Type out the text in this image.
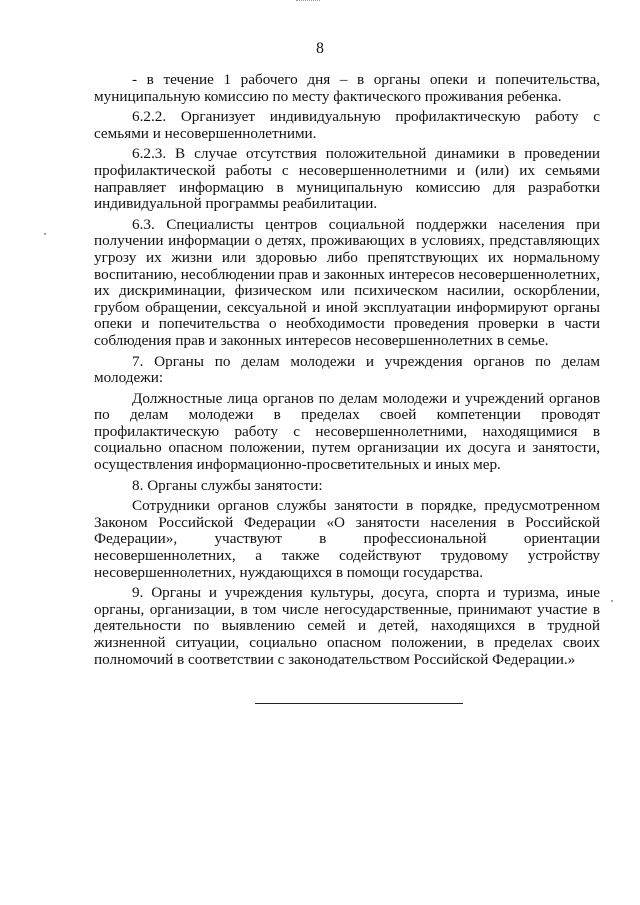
8

- в течение 1 рабочего дня – в органы опеки и попечительства, муниципальную комиссию по месту фактического проживания ребенка.

6.2.2. Организует индивидуальную профилактическую работу с семьями и несовершеннолетними.

6.2.3. В случае отсутствия положительной динамики в проведении профилактической работы с несовершеннолетними и (или) их семьями направляет информацию в муниципальную комиссию для разработки индивидуальной программы реабилитации.

6.3. Специалисты центров социальной поддержки населения при получении информации о детях, проживающих в условиях, представляющих угрозу их жизни или здоровью либо препятствующих их нормальному воспитанию, несоблюдении прав и законных интересов несовершеннолетних, их дискриминации, физическом или психическом насилии, оскорблении, грубом обращении, сексуальной и иной эксплуатации информируют органы опеки и попечительства о необходимости проведения проверки в части соблюдения прав и законных интересов несовершеннолетних в семье.

7. Органы по делам молодежи и учреждения органов по делам молодежи:

Должностные лица органов по делам молодежи и учреждений органов по делам молодежи в пределах своей компетенции проводят профилактическую работу с несовершеннолетними, находящимися в социально опасном положении, путем организации их досуга и занятости, осуществления информационно-просветительных и иных мер.

8. Органы службы занятости:

Сотрудники органов службы занятости в порядке, предусмотренном Законом Российской Федерации «О занятости населения в Российской Федерации», участвуют в профессиональной ориентации несовершеннолетних, а также содействуют трудовому устройству несовершеннолетних, нуждающихся в помощи государства.

9. Органы и учреждения культуры, досуга, спорта и туризма, иные органы, организации, в том числе негосударственные, принимают участие в деятельности по выявлению семей и детей, находящихся в трудной жизненной ситуации, социально опасном положении, в пределах своих полномочий в соответствии с законодательством Российской Федерации.»
